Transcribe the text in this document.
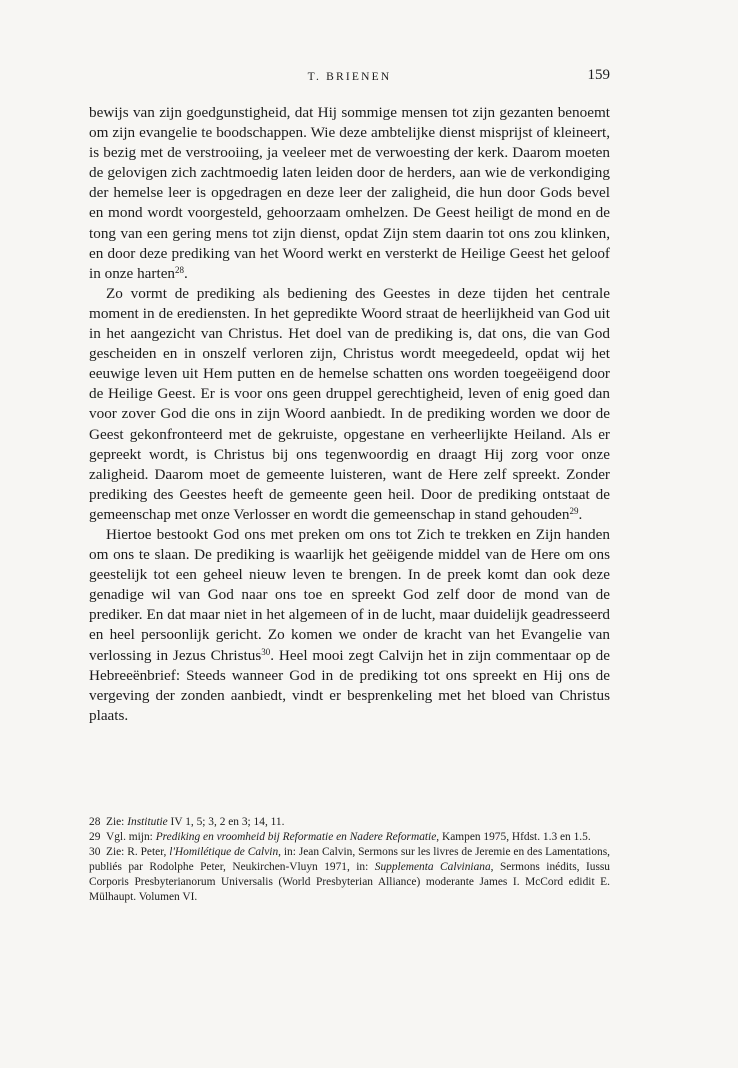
T. BRIENEN	159

bewijs van zijn goedgunstigheid, dat Hij sommige mensen tot zijn gezanten benoemt om zijn evangelie te boodschappen. Wie deze ambtelijke dienst misprijst of kleineert, is bezig met de verstrooiing, ja veeleer met de verwoesting der kerk. Daarom moeten de gelovigen zich zachtmoedig laten leiden door de herders, aan wie de verkondiging der hemelse leer is opgedragen en deze leer der zaligheid, die hun door Gods bevel en mond wordt voorgesteld, gehoorzaam omhelzen. De Geest heiligt de mond en de tong van een gering mens tot zijn dienst, opdat Zijn stem daarin tot ons zou klinken, en door deze prediking van het Woord werkt en versterkt de Heilige Geest het geloof in onze harten$^{28}$.

Zo vormt de prediking als bediening des Geestes in deze tijden het centrale moment in de erediensten. In het gepredikte Woord straat de heerlijkheid van God uit in het aangezicht van Christus. Het doel van de prediking is, dat ons, die van God gescheiden en in onszelf verloren zijn, Christus wordt meegedeeld, opdat wij het eeuwige leven uit Hem putten en de hemelse schatten ons worden toegeëigend door de Heilige Geest. Er is voor ons geen druppel gerechtigheid, leven of enig goed dan voor zover God die ons in zijn Woord aanbiedt. In de prediking worden we door de Geest gekonfronteerd met de gekruiste, opgestane en verheerlijkte Heiland. Als er gepreekt wordt, is Christus bij ons tegenwoordig en draagt Hij zorg voor onze zaligheid. Daarom moet de gemeente luisteren, want de Here zelf spreekt. Zonder prediking des Geestes heeft de gemeente geen heil. Door de prediking ontstaat de gemeenschap met onze Verlosser en wordt die gemeenschap in stand gehouden$^{29}$.

Hiertoe bestookt God ons met preken om ons tot Zich te trekken en Zijn handen om ons te slaan. De prediking is waarlijk het geëigende middel van de Here om ons geestelijk tot een geheel nieuw leven te brengen. In de preek komt dan ook deze genadige wil van God naar ons toe en spreekt God zelf door de mond van de prediker. En dat maar niet in het algemeen of in de lucht, maar duidelijk geadresseerd en heel persoonlijk gericht. Zo komen we onder de kracht van het Evangelie van verlossing in Jezus Christus$^{30}$. Heel mooi zegt Calvijn het in zijn commentaar op de Hebreeënbrief: Steeds wanneer God in de prediking tot ons spreekt en Hij ons de vergeving der zonden aanbiedt, vindt er besprenkeling met het bloed van Christus plaats.

28 Zie: Institutie IV 1, 5; 3, 2 en 3; 14, 11.
29 Vgl. mijn: Prediking en vroomheid bij Reformatie en Nadere Reformatie, Kampen 1975, Hfdst. 1.3 en 1.5.
30 Zie: R. Peter, l'Homilétique de Calvin, in: Jean Calvin, Sermons sur les livres de Jeremie en des Lamentations, publiés par Rodolphe Peter, Neukirchen-Vluyn 1971, in: Supplementa Calviniana, Sermons inédits, Iussu Corporis Presbyterianorum Universalis (World Presbyterian Alliance) moderante James I. McCord edidit E. Mülhaupt. Volumen VI.
